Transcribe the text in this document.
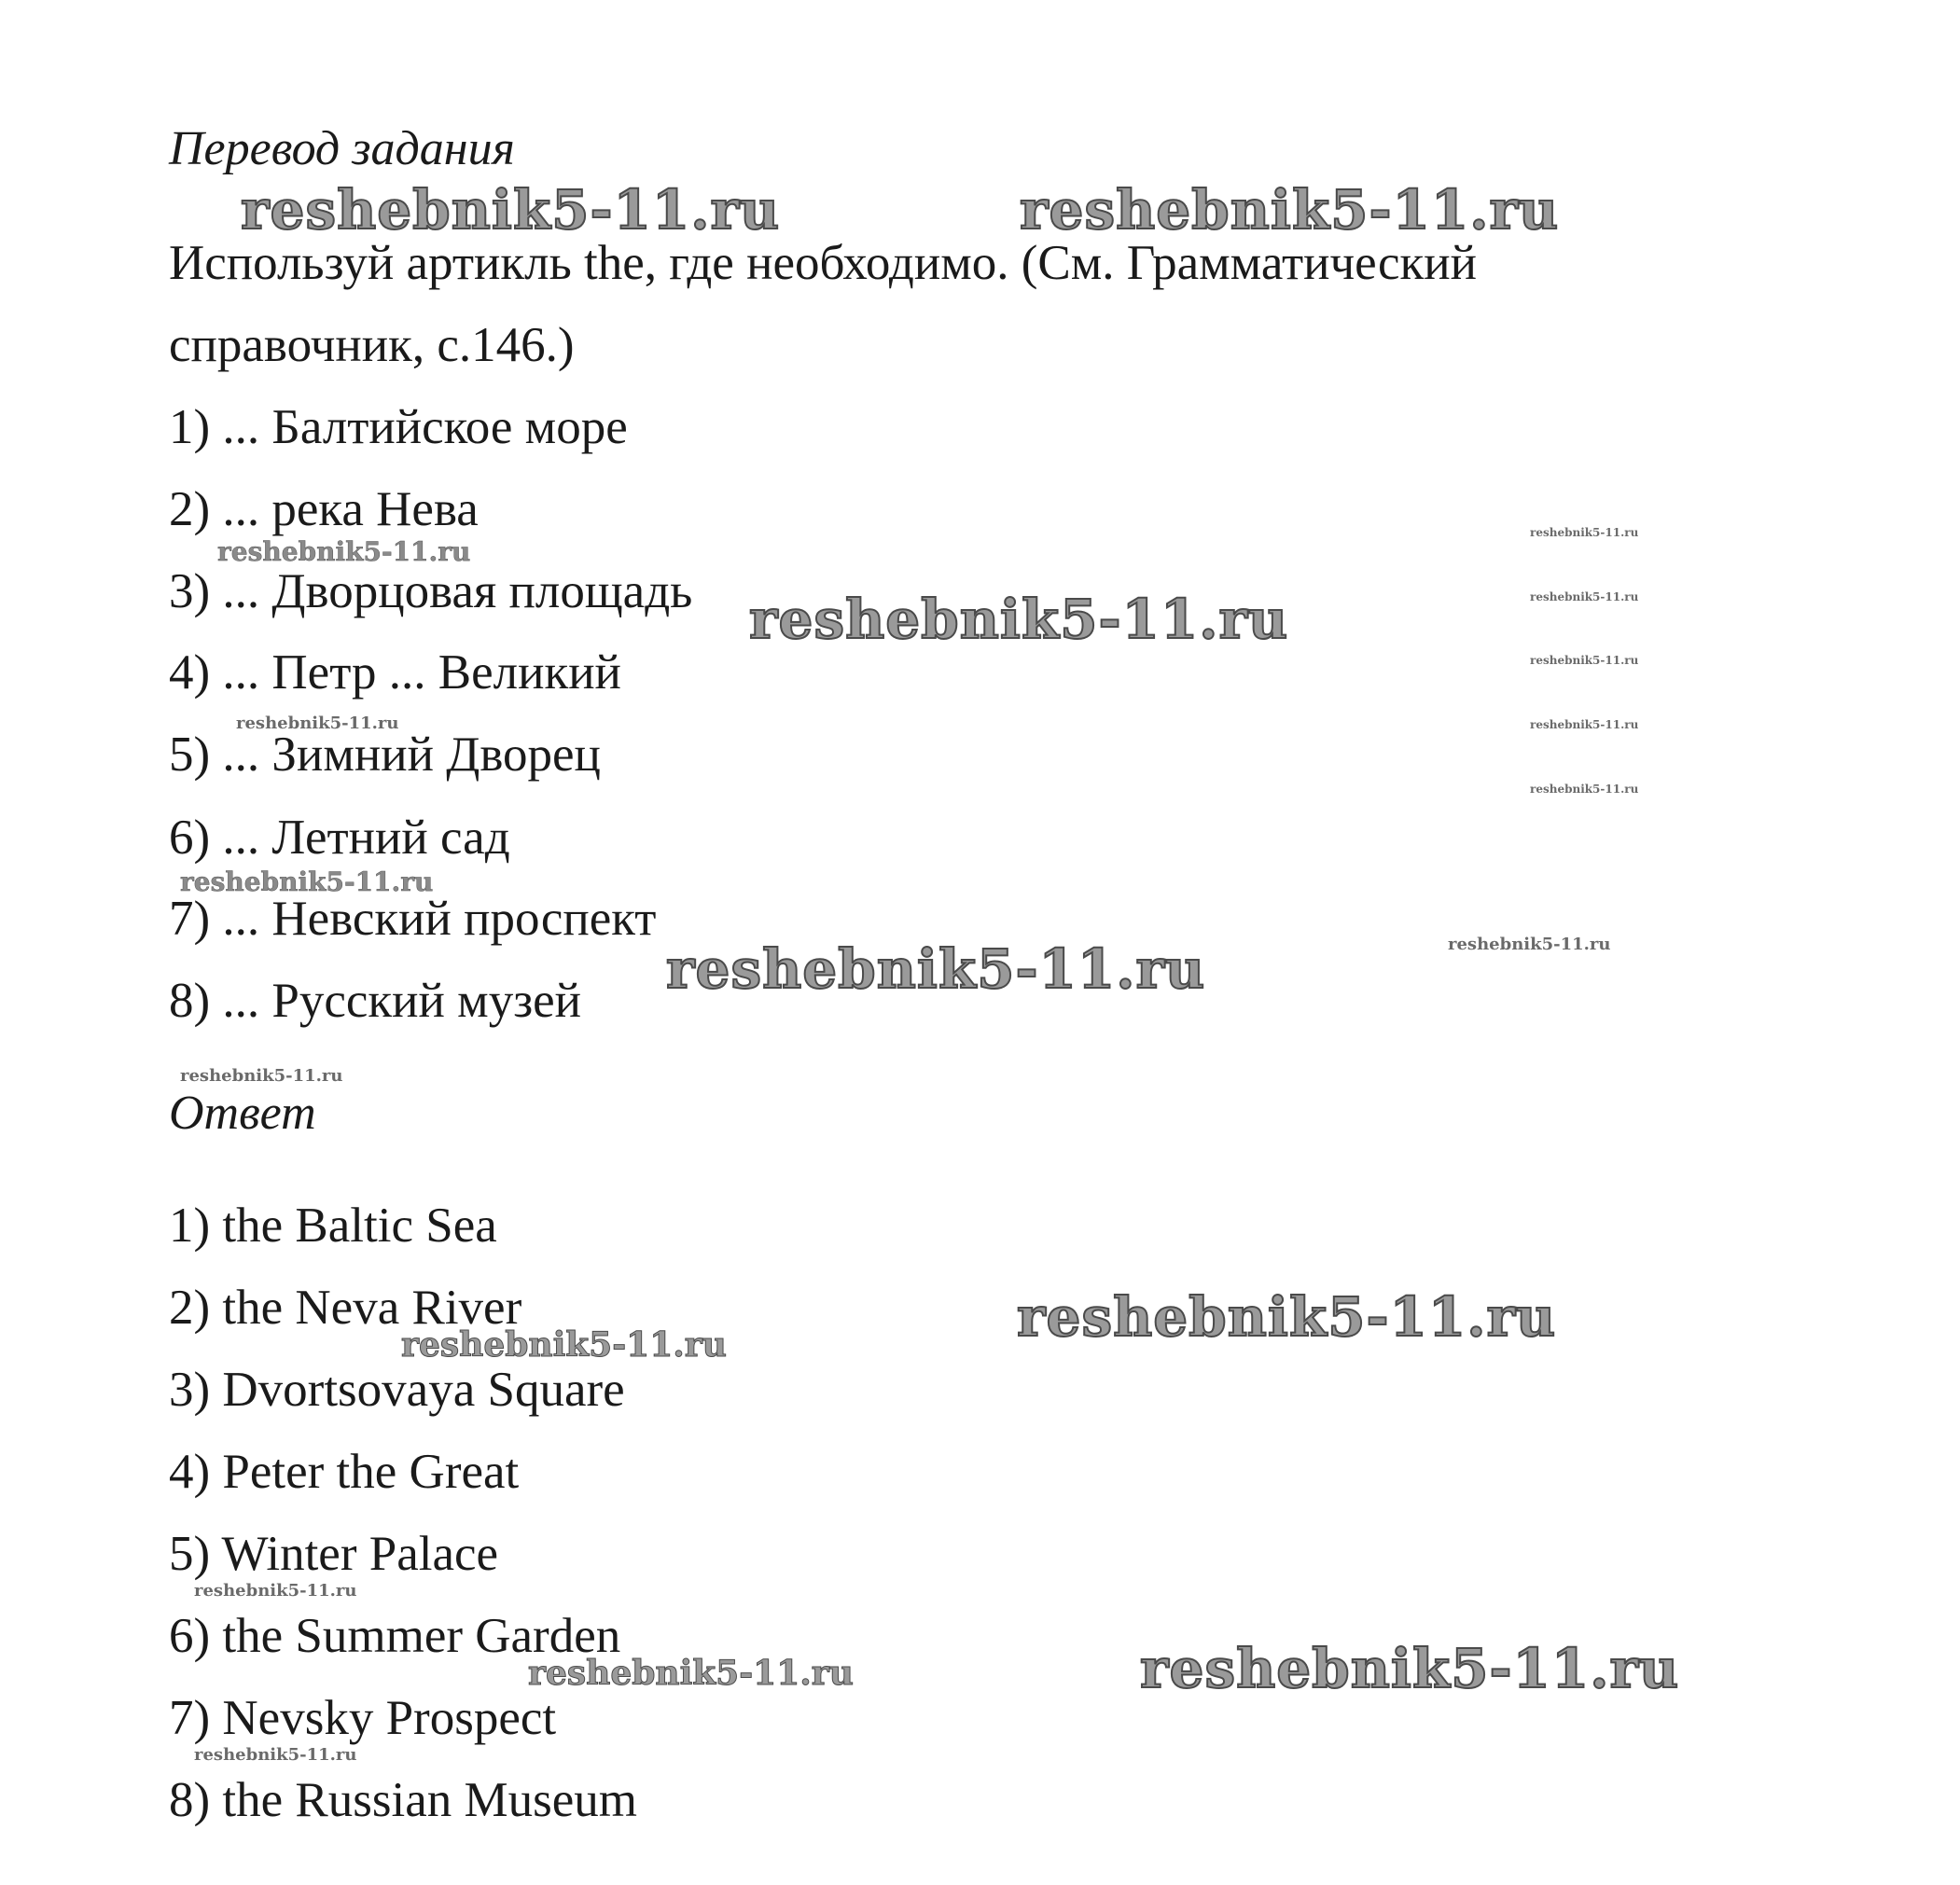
Перевод задания
Используй артикль the, где необходимо. (См. Грамматический справочник, с.146.)
1) ... Балтийское море
2) ... река Нева
3) ... Дворцовая площадь
4) ... Петр ... Великий
5) ... Зимний Дворец
6) ... Летний сад
7) ... Невский проспект
8) ... Русский музей
Ответ
1) the Baltic Sea
2) the Neva River
3) Dvortsovaya Square
4) Peter the Great
5) Winter Palace
6) the Summer Garden
7) Nevsky Prospect
8) the Russian Museum
reshebnik5-11.ru	reshebnik5-11.ru
reshebnik5-11.ru
reshebnik5-11.ru
reshebnik5-11.ru
reshebnik5-11.ru
reshebnik5-11.ru
reshebnik5-11.ru
reshebnik5-11.ru
reshebnik5-11.ru
reshebnik5-11.ru
reshebnik5-11.ru	reshebnik5-11.ru
reshebnik5-11.ru
reshebnik5-11.ru
reshebnik5-11.ru
reshebnik5-11.ru
reshebnik5-11.ru	reshebnik5-11.ru
reshebnik5-11.ru
